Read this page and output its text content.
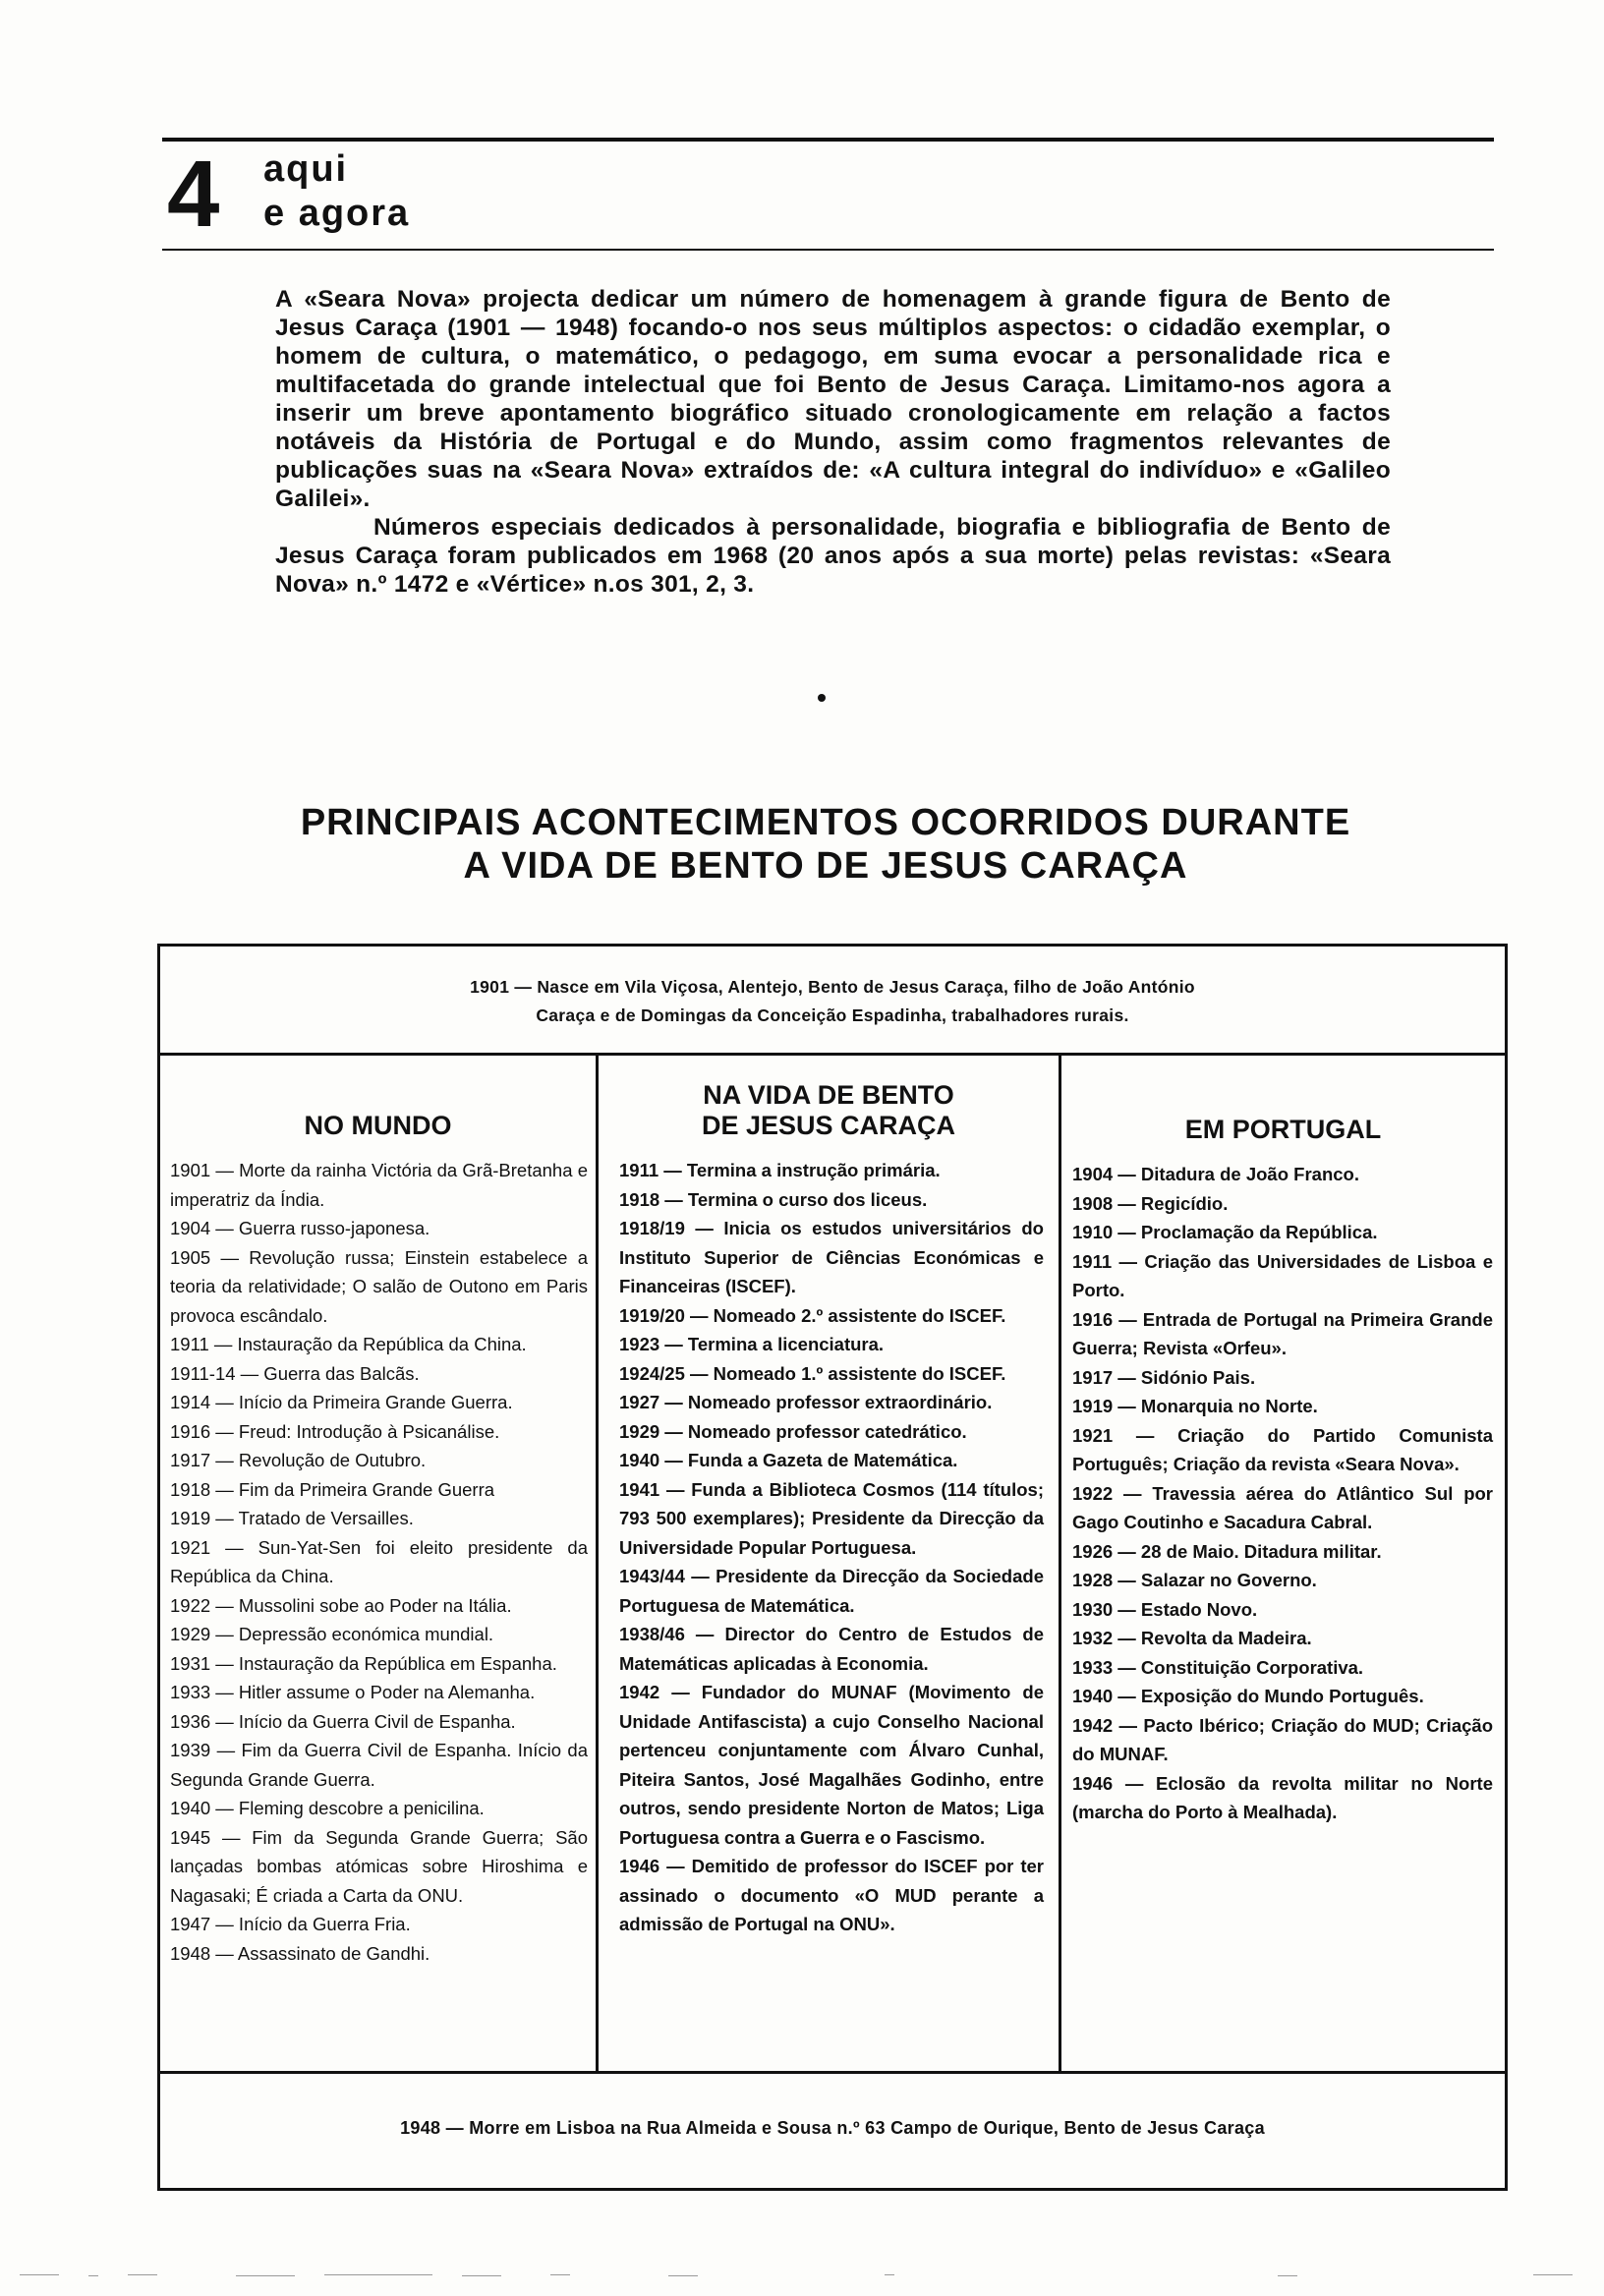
4 aqui
e agora

A «Seara Nova» projecta dedicar um número de homenagem à grande figura de Bento de Jesus Caraça (1901 — 1948) focando-o nos seus múltiplos aspectos: o cidadão exemplar, o homem de cultura, o matemático, o pedagogo, em suma evocar a personalidade rica e multifacetada do grande intelectual que foi Bento de Jesus Caraça. Limitamo-nos agora a inserir um breve apontamento biográfico situado cronologicamente em relação a factos notáveis da História de Portugal e do Mundo, assim como fragmentos relevantes de publicações suas na «Seara Nova» extraídos de: «A cultura integral do indivíduo» e «Galileo Galilei».

Números especiais dedicados à personalidade, biografia e bibliografia de Bento de Jesus Caraça foram publicados em 1968 (20 anos após a sua morte) pelas revistas: «Seara Nova» n.º 1472 e «Vértice» n.os 301, 2, 3.

PRINCIPAIS ACONTECIMENTOS OCORRIDOS DURANTE
A VIDA DE BENTO DE JESUS CARAÇA
1901 — Nasce em Vila Viçosa, Alentejo, Bento de Jesus Caraça, filho de João António
Caraça e de Domingas da Conceição Espadinha, trabalhadores rurais.
NO MUNDO
NA VIDA DE BENTO
DE JESUS CARAÇA	EM PORTUGAL
1901 — Morte da rainha Victória da Grã-Bretanha e imperatriz da Índia.
1904 — Guerra russo-japonesa.
1905 — Revolução russa; Einstein estabelece a teoria da relatividade; O salão de Outono em Paris provoca escândalo.
1911 — Instauração da República da China.
1911-14 — Guerra das Balcãs.
1914 — Início da Primeira Grande Guerra.
1916 — Freud: Introdução à Psicanálise.
1917 — Revolução de Outubro.
1918 — Fim da Primeira Grande Guerra
1919 — Tratado de Versailles.
1921 — Sun-Yat-Sen foi eleito presidente da República da China.
1922 — Mussolini sobe ao Poder na Itália.
1929 — Depressão económica mundial.
1931 — Instauração da República em Espanha.
1933 — Hitler assume o Poder na Alemanha.
1936 — Início da Guerra Civil de Espanha.
1939 — Fim da Guerra Civil de Espanha. Início da Segunda Grande Guerra.
1940 — Fleming descobre a penicilina.
1945 — Fim da Segunda Grande Guerra; São lançadas bombas atómicas sobre Hiroshima e Nagasaki; É criada a Carta da ONU.
1947 — Início da Guerra Fria.
1948 — Assassinato de Gandhi.
1911 — Termina a instrução primária.
1918 — Termina o curso dos liceus.
1918/19 — Inicia os estudos universitários do Instituto Superior de Ciências Económicas e Financeiras (ISCEF).
1919/20 — Nomeado 2.º assistente do ISCEF.
1923 — Termina a licenciatura.
1924/25 — Nomeado 1.º assistente do ISCEF.
1927 — Nomeado professor extraordinário.
1929 — Nomeado professor catedrático.
1940 — Funda a Gazeta de Matemática.
1941 — Funda a Biblioteca Cosmos (114 títulos; 793 500 exemplares); Presidente da Direcção da Universidade Popular Portuguesa.
1943/44 — Presidente da Direcção da Sociedade Portuguesa de Matemática.
1938/46 — Director do Centro de Estudos de Matemáticas aplicadas à Economia.
1942 — Fundador do MUNAF (Movimento de Unidade Antifascista) a cujo Conselho Nacional pertenceu conjuntamente com Álvaro Cunhal, Piteira Santos, José Magalhães Godinho, entre outros, sendo presidente Norton de Matos; Liga Portuguesa contra a Guerra e o Fascismo.
1946 — Demitido de professor do ISCEF por ter assinado o documento «O MUD perante a admissão de Portugal na ONU».
1904 — Ditadura de João Franco.
1908 — Regicídio.
1910 — Proclamação da República.
1911 — Criação das Universidades de Lisboa e Porto.
1916 — Entrada de Portugal na Primeira Grande Guerra; Revista «Orfeu».
1917 — Sidónio Pais.
1919 — Monarquia no Norte.
1921 — Criação do Partido Comunista Português; Criação da revista «Seara Nova».
1922 — Travessia aérea do Atlântico Sul por Gago Coutinho e Sacadura Cabral.
1926 — 28 de Maio. Ditadura militar.
1928 — Salazar no Governo.
1930 — Estado Novo.
1932 — Revolta da Madeira.
1933 — Constituição Corporativa.
1940 — Exposição do Mundo Português.
1942 — Pacto Ibérico; Criação do MUD; Criação do MUNAF.
1946 — Eclosão da revolta militar no Norte (marcha do Porto à Mealhada).
1948 — Morre em Lisboa na Rua Almeida e Sousa n.º 63 Campo de Ourique, Bento de Jesus Caraça
